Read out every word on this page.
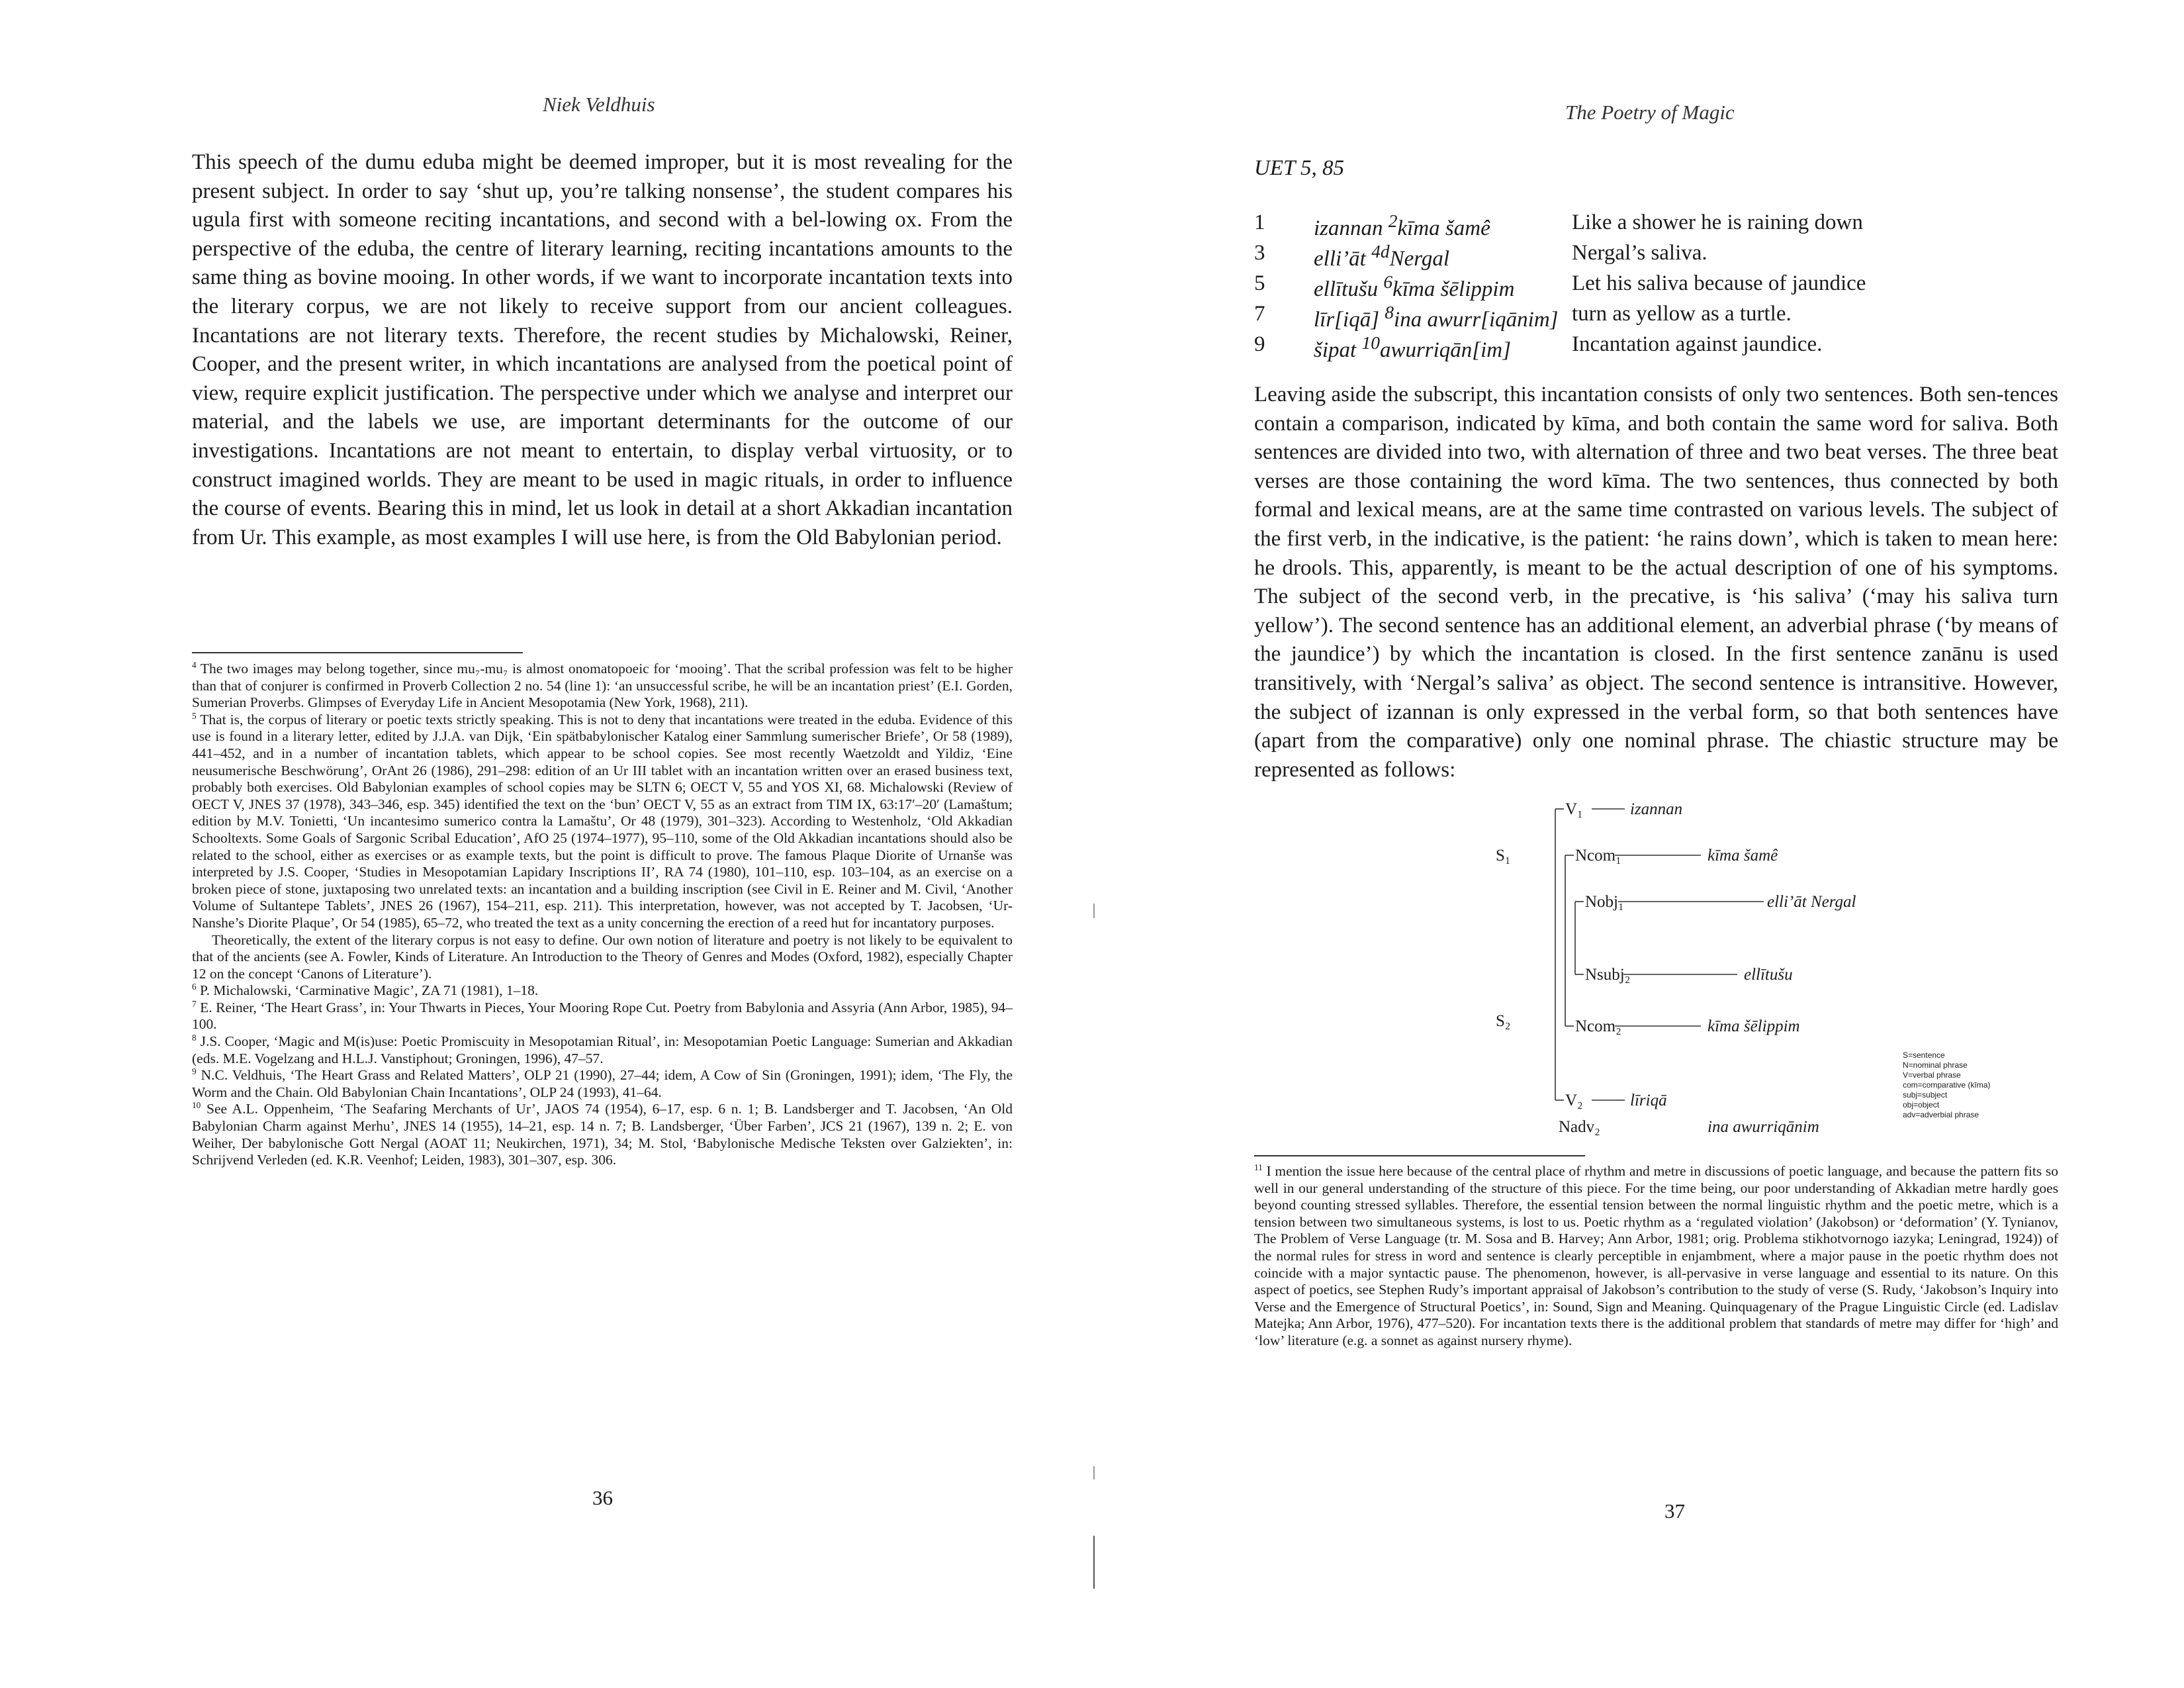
Niek Veldhuis

This speech of the dumu eduba might be deemed improper, but it is most revealing for the present subject. In order to say ‘shut up, you’re talking nonsense’, the student compares his ugula first with someone reciting incantations, and second with a bel-lowing ox. From the perspective of the eduba, the centre of literary learning, reciting incantations amounts to the same thing as bovine mooing. In other words, if we want to incorporate incantation texts into the literary corpus, we are not likely to receive support from our ancient colleagues. Incantations are not literary texts. Therefore, the recent studies by Michalowski, Reiner, Cooper, and the present writer, in which incantations are analysed from the poetical point of view, require explicit justification. The perspective under which we analyse and interpret our material, and the labels we use, are important determinants for the outcome of our investigations. Incantations are not meant to entertain, to display verbal virtuosity, or to construct imagined worlds. They are meant to be used in magic rituals, in order to influence the course of events. Bearing this in mind, let us look in detail at a short Akkadian incantation from Ur. This example, as most examples I will use here, is from the Old Babylonian period.

$^4$ The two images may belong together, since mu₇-mu₇ is almost onomatopoeic for ‘mooing’. That the scribal profession was felt to be higher than that of conjurer is confirmed in Proverb Collection 2 no. 54 (line 1): ‘an unsuccessful scribe, he will be an incantation priest’ (E.I. Gorden, Sumerian Proverbs. Glimpses of Everyday Life in Ancient Mesopotamia (New York, 1968), 211).

$^5$ That is, the corpus of literary or poetic texts strictly speaking. This is not to deny that incantations were treated in the eduba. Evidence of this use is found in a literary letter, edited by J.J.A. van Dijk, ‘Ein spätbabylonischer Katalog einer Sammlung sumerischer Briefe’, Or 58 (1989), 441–452, and in a number of incantation tablets, which appear to be school copies. See most recently Waetzoldt and Yildiz, ‘Eine neusumerische Beschwörung’, OrAnt 26 (1986), 291–298: edition of an Ur III tablet with an incantation written over an erased business text, probably both exercises. Old Babylonian examples of school copies may be SLTN 6; OECT V, 55 and YOS XI, 68. Michalowski (Review of OECT V, JNES 37 (1978), 343–346, esp. 345) identified the text on the ‘bun’ OECT V, 55 as an extract from TIM IX, 63:17′–20′ (Lamaštum; edition by M.V. Tonietti, ‘Un incantesimo sumerico contra la Lamaštu’, Or 48 (1979), 301–323). According to Westenholz, ‘Old Akkadian Schooltexts. Some Goals of Sargonic Scribal Education’, AfO 25 (1974–1977), 95–110, some of the Old Akkadian incantations should also be related to the school, either as exercises or as example texts, but the point is difficult to prove. The famous Plaque Diorite of Urnanše was interpreted by J.S. Cooper, ‘Studies in Mesopotamian Lapidary Inscriptions II’, RA 74 (1980), 101–110, esp. 103–104, as an exercise on a broken piece of stone, juxtaposing two unrelated texts: an incantation and a building inscription (see Civil in E. Reiner and M. Civil, ‘Another Volume of Sultantepe Tablets’, JNES 26 (1967), 154–211, esp. 211). This interpretation, however, was not accepted by T. Jacobsen, ‘Ur-Nanshe’s Diorite Plaque’, Or 54 (1985), 65–72, who treated the text as a unity concerning the erection of a reed hut for incantatory purposes.

Theoretically, the extent of the literary corpus is not easy to define. Our own notion of literature and poetry is not likely to be equivalent to that of the ancients (see A. Fowler, Kinds of Literature. An Introduction to the Theory of Genres and Modes (Oxford, 1982), especially Chapter 12 on the concept ‘Canons of Literature’).

$^6$ P. Michalowski, ‘Carminative Magic’, ZA 71 (1981), 1–18.

$^7$ E. Reiner, ‘The Heart Grass’, in: Your Thwarts in Pieces, Your Mooring Rope Cut. Poetry from Babylonia and Assyria (Ann Arbor, 1985), 94–100.

$^8$ J.S. Cooper, ‘Magic and M(is)use: Poetic Promiscuity in Mesopotamian Ritual’, in: Mesopotamian Poetic Language: Sumerian and Akkadian (eds. M.E. Vogelzang and H.L.J. Vanstiphout; Groningen, 1996), 47–57.

$^9$ N.C. Veldhuis, ‘The Heart Grass and Related Matters’, OLP 21 (1990), 27–44; idem, A Cow of Sin (Groningen, 1991); idem, ‘The Fly, the Worm and the Chain. Old Babylonian Chain Incantations’, OLP 24 (1993), 41–64.

$^{10}$ See A.L. Oppenheim, ‘The Seafaring Merchants of Ur’, JAOS 74 (1954), 6–17, esp. 6 n. 1; B. Landsberger and T. Jacobsen, ‘An Old Babylonian Charm against Merhu’, JNES 14 (1955), 14–21, esp. 14 n. 7; B. Landsberger, ‘Über Farben’, JCS 21 (1967), 139 n. 2; E. von Weiher, Der babylonische Gott Nergal (AOAT 11; Neukirchen, 1971), 34; M. Stol, ‘Babylonische Medische Teksten over Galziekten’, in: Schrijvend Verleden (ed. K.R. Veenhof; Leiden, 1983), 301–307, esp. 306.

36
The Poetry of Magic
UET 5, 85
1	izannan $^2$kīma šamê	Like a shower he is raining down
3	elli’āt $^{4d}$Nergal	Nergal’s saliva.
5	ellītušu $^6$kīma šēlippim	Let his saliva because of jaundice
7	līr[iqā] $^8$ina awurr[iqānim]	turn as yellow as a turtle.
9	šipat $^{10}$awurriqān[im]	Incantation against jaundice.

Leaving aside the subscript, this incantation consists of only two sentences. Both sen-tences contain a comparison, indicated by kīma, and both contain the same word for saliva. Both sentences are divided into two, with alternation of three and two beat verses. The three beat verses are those containing the word kīma. The two sentences, thus connected by both formal and lexical means, are at the same time contrasted on various levels. The subject of the first verb, in the indicative, is the patient: ‘he rains down’, which is taken to mean here: he drools. This, apparently, is meant to be the actual description of one of his symptoms. The subject of the second verb, in the precative, is ‘his saliva’ (‘may his saliva turn yellow’). The second sentence has an additional element, an adverbial phrase (‘by means of the jaundice’) by which the incantation is closed. In the first sentence zanānu is used transitively, with ‘Nergal’s saliva’ as object. The second sentence is intransitive. However, the subject of izannan is only expressed in the verbal form, so that both sentences have (apart from the comparative) only one nominal phrase. The chiastic structure may be represented as follows:

S₁
S₂
V₁	izannan
Ncom₁	kīma šamê
Nobj₁	elli’āt Nergal
Nsubj₂	ellītušu
Ncom₂	kīma šēlippim
V₂	līriqā
Nadv₂	ina awurriqānim
S=sentence
N=nominal phrase
V=verbal phrase
com=comparative (kīma)
subj=subject
obj=object
adv=adverbial phrase

$^{11}$ I mention the issue here because of the central place of rhythm and metre in discussions of poetic language, and because the pattern fits so well in our general understanding of the structure of this piece. For the time being, our poor understanding of Akkadian metre hardly goes beyond counting stressed syllables. Therefore, the essential tension between the normal linguistic rhythm and the poetic metre, which is a tension between two simultaneous systems, is lost to us. Poetic rhythm as a ‘regulated violation’ (Jakobson) or ‘deformation’ (Y. Tynianov, The Problem of Verse Language (tr. M. Sosa and B. Harvey; Ann Arbor, 1981; orig. Problema stikhotvornogo iazyka; Leningrad, 1924)) of the normal rules for stress in word and sentence is clearly perceptible in enjambment, where a major pause in the poetic rhythm does not coincide with a major syntactic pause. The phenomenon, however, is all-pervasive in verse language and essential to its nature. On this aspect of poetics, see Stephen Rudy’s important appraisal of Jakobson’s contribution to the study of verse (S. Rudy, ‘Jakobson’s Inquiry into Verse and the Emergence of Structural Poetics’, in: Sound, Sign and Meaning. Quinquagenary of the Prague Linguistic Circle (ed. Ladislav Matejka; Ann Arbor, 1976), 477–520). For incantation texts there is the additional problem that standards of metre may differ for ‘high’ and ‘low’ literature (e.g. a sonnet as against nursery rhyme).

37
